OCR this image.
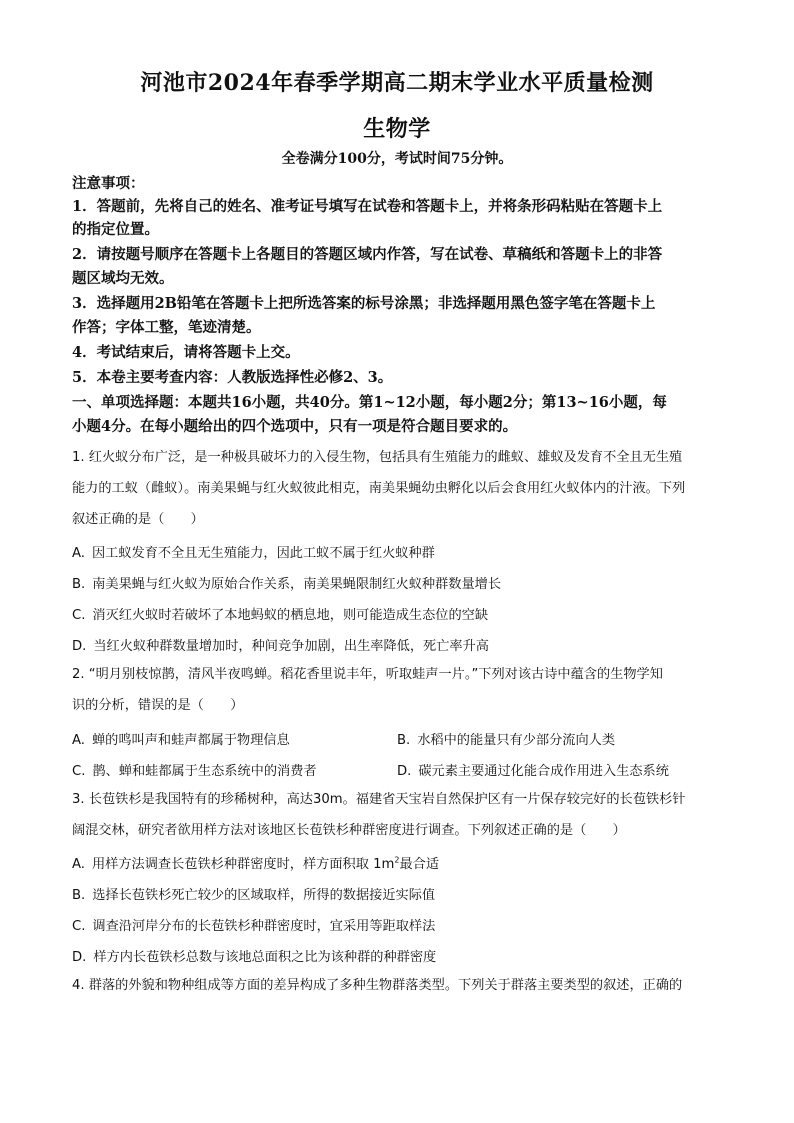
河池市2024年春季学期高二期末学业水平质量检测
生物学
全卷满分100分，考试时间75分钟。
注意事项：
1．答题前，先将自己的姓名、准考证号填写在试卷和答题卡上，并将条形码粘贴在答题卡上
的指定位置。
2．请按题号顺序在答题卡上各题目的答题区域内作答，写在试卷、草稿纸和答题卡上的非答
题区域均无效。
3．选择题用2B铅笔在答题卡上把所选答案的标号涂黑；非选择题用黑色签字笔在答题卡上
作答；字体工整，笔迹清楚。
4．考试结束后，请将答题卡上交。
5．本卷主要考查内容：人教版选择性必修2、3。
一、单项选择题：本题共16小题，共40分。第1~12小题，每小题2分；第13~16小题，每
小题4分。在每小题给出的四个选项中，只有一项是符合题目要求的。
1. 红火蚁分布广泛，是一种极具破坏力的入侵生物，包括具有生殖能力的雌蚁、雄蚁及发育不全且无生殖
能力的工蚁（雌蚁）。南美果蝇与红火蚁彼此相克，南美果蝇幼虫孵化以后会食用红火蚁体内的汁液。下列
叙述正确的是（　　）
A. 因工蚁发育不全且无生殖能力，因此工蚁不属于红火蚁种群
B. 南美果蝇与红火蚁为原始合作关系，南美果蝇限制红火蚁种群数量增长
C. 消灭红火蚁时若破坏了本地蚂蚁的栖息地，则可能造成生态位的空缺
D. 当红火蚁种群数量增加时，种间竞争加剧，出生率降低，死亡率升高
2. “明月别枝惊鹊，清风半夜鸣蝉。稻花香里说丰年，听取蛙声一片。”下列对该古诗中蕴含的生物学知
识的分析，错误的是（　　）
A. 蝉的鸣叫声和蛙声都属于物理信息	B. 水稻中的能量只有少部分流向人类
C. 鹊、蝉和蛙都属于生态系统中的消费者	D. 碳元素主要通过化能合成作用进入生态系统
3. 长苞铁杉是我国特有的珍稀树种，高达30m。福建省天宝岩自然保护区有一片保存较完好的长苞铁杉针
阔混交林，研究者欲用样方法对该地区长苞铁杉种群密度进行调查。下列叙述正确的是（　　）
A. 用样方法调查长苞铁杉种群密度时，样方面积取 $1m^2$最合适
B. 选择长苞铁杉死亡较少的区域取样，所得的数据接近实际值
C. 调查沿河岸分布的长苞铁杉种群密度时，宜采用等距取样法
D. 样方内长苞铁杉总数与该地总面积之比为该种群的种群密度
4. 群落的外貌和物种组成等方面的差异构成了多种生物群落类型。下列关于群落主要类型的叙述，正确的
